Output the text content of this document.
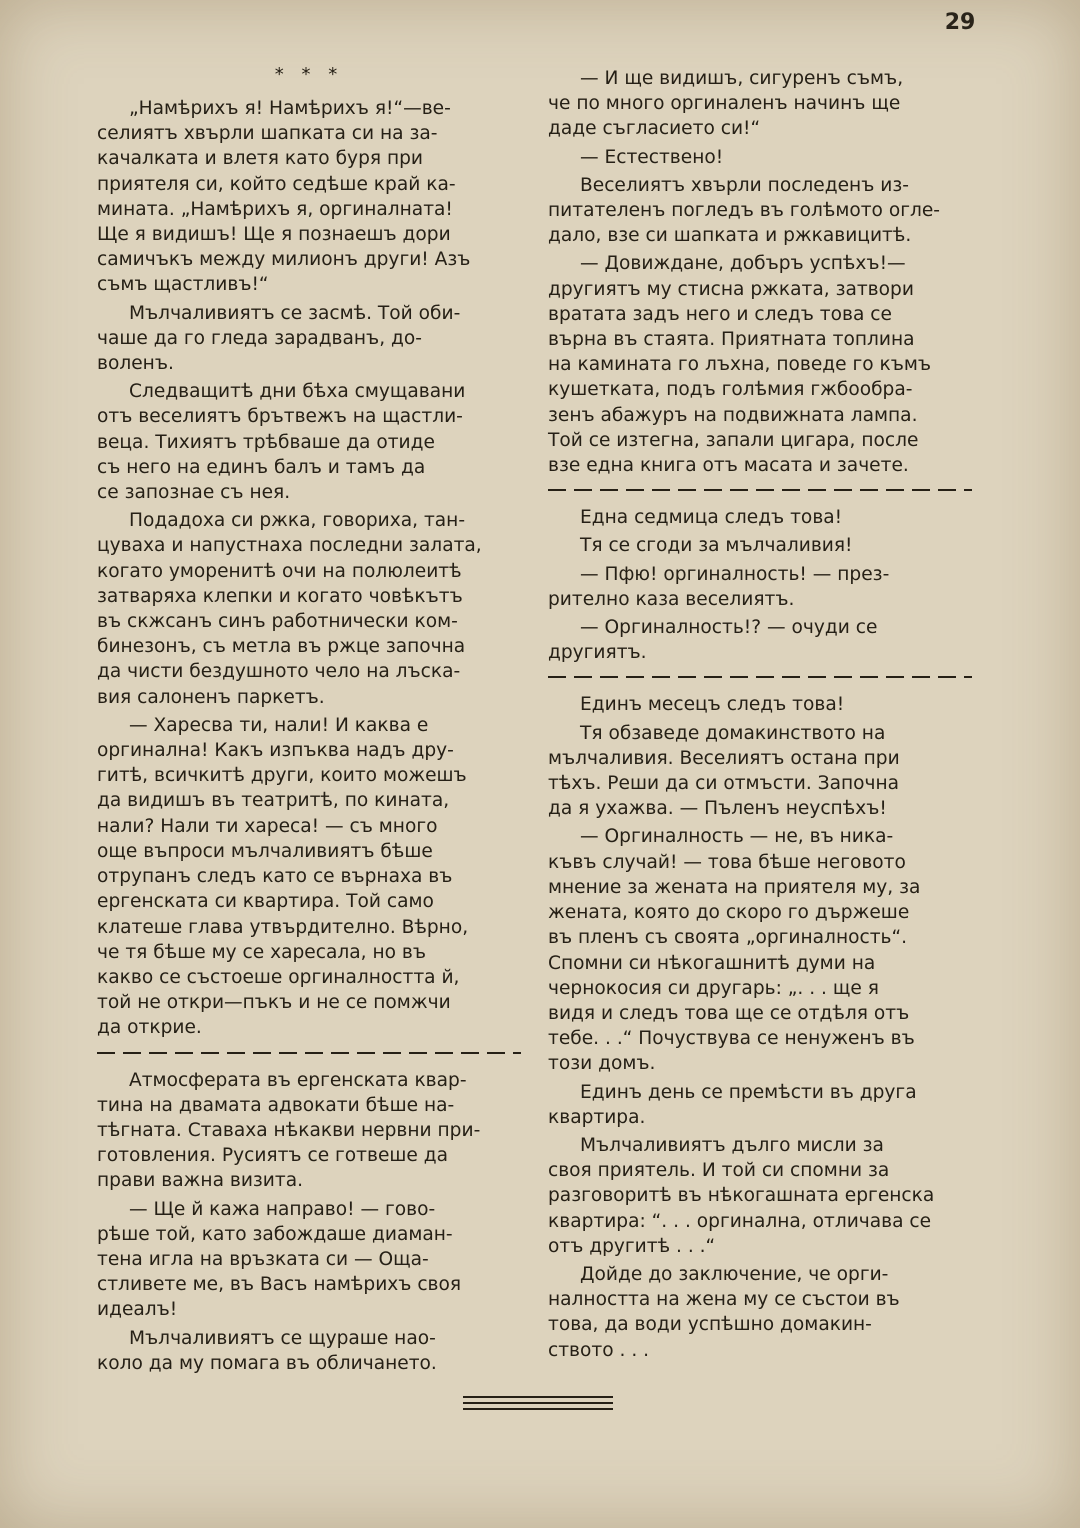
29
* * *

„Намѣрихъ я! Намѣрихъ я!“—ве-
селиятъ хвърли шапката си на за-
качалката и влетя като буря при
приятеля си, който седѣше край ка-
мината. „Намѣрихъ я, оргиналната!
Ще я видишъ! Ще я познаешъ дори
самичъкъ между милионъ други! Азъ
съмъ щастливъ!“

Мълчаливиятъ се засмѣ. Той оби-
чаше да го гледа зарадванъ, до-
воленъ.

Следващитѣ дни бѣха смущавани
отъ веселиятъ брътвежъ на щастли-
веца. Тихиятъ трѣбваше да отиде
съ него на единъ балъ и тамъ да
се запознае съ нея.

Подадоха си ржка, говориха, тан-
цуваха и напустнаха последни залата,
когато уморенитѣ очи на полюлеитѣ
затваряха клепки и когато човѣкътъ
въ скжсанъ синъ работнически ком-
бинезонъ, съ метла въ ржце започна
да чисти бездушното чело на лъска-
вия салоненъ паркетъ.

— Харесва ти, нали! И каква е
оргинална! Какъ изпъква надъ дру-
гитѣ, всичкитѣ други, които можешъ
да видишъ въ театритѣ, по кината,
нали? Нали ти хареса! — съ много
още въпроси мълчаливиятъ бѣше
отрупанъ следъ като се върнаха въ
ергенската си квартира. Той само
клатеше глава утвърдително. Вѣрно,
че тя бѣше му се харесала, но въ
какво се състоеше оргиналността й,
той не откри—пъкъ и не се помжчи
да открие.

Атмосферата въ ергенската квар-
тина на двамата адвокати бѣше на-
тѣгната. Ставаха нѣкакви нервни при-
готовления. Русиятъ се готвеше да
прави важна визита.

— Ще й кажа направо! — гово-
рѣше той, като забождаше диаман-
тена игла на връзката си — Оща-
стливете ме, въ Васъ намѣрихъ своя
идеалъ!

Мълчаливиятъ се щураше нао-
коло да му помага въ обличането.

— И ще видишъ, сигуренъ съмъ,
че по много оргиналенъ начинъ ще
даде съгласието си!“

— Естествено!

Веселиятъ хвърли последенъ из-
питателенъ погледъ въ голѣмото огле-
дало, взе си шапката и ржкавицитѣ.

— Довиждане, добъръ успѣхъ!—
другиятъ му стисна ржката, затвори
вратата задъ него и следъ това се
върна въ стаята. Приятната топлина
на камината го лъхна, поведе го къмъ
кушетката, подъ голѣмия гжбообра-
зенъ абажуръ на подвижната лампа.
Той се изтегна, запали цигара, после
взе една книга отъ масата и зачете.

Една седмица следъ това!

Тя се сгоди за мълчаливия!

— Пфю! оргиналность! — през-
рително каза веселиятъ.

— Оргиналность!? — очуди се
другиятъ.

Единъ месецъ следъ това!

Тя обзаведе домакинството на
мълчаливия. Веселиятъ остана при
тѣхъ. Реши да си отмъсти. Започна
да я ухажва. — Пъленъ неуспѣхъ!

— Оргиналность — не, въ ника-
къвъ случай! — това бѣше неговото
мнение за жената на приятеля му, за
жената, която до скоро го държеше
въ пленъ съ своята „оргиналность“.
Спомни си нѣкогашнитѣ думи на
чернокосия си другарь: „. . . ще я
видя и следъ това ще се отдѣля отъ
тебе. . .“ Почуствува се ненуженъ въ
този домъ.

Единъ день се премѣсти въ друга
квартира.

Мълчаливиятъ дълго мисли за
своя приятель. И той си спомни за
разговоритѣ въ нѣкогашната ергенска
квартира: “. . . оргинална, отличава се
отъ другитѣ . . .“

Дойде до заключение, че орги-
налността на жена му се състои въ
това, да води успѣшно домакин-
ството . . .
